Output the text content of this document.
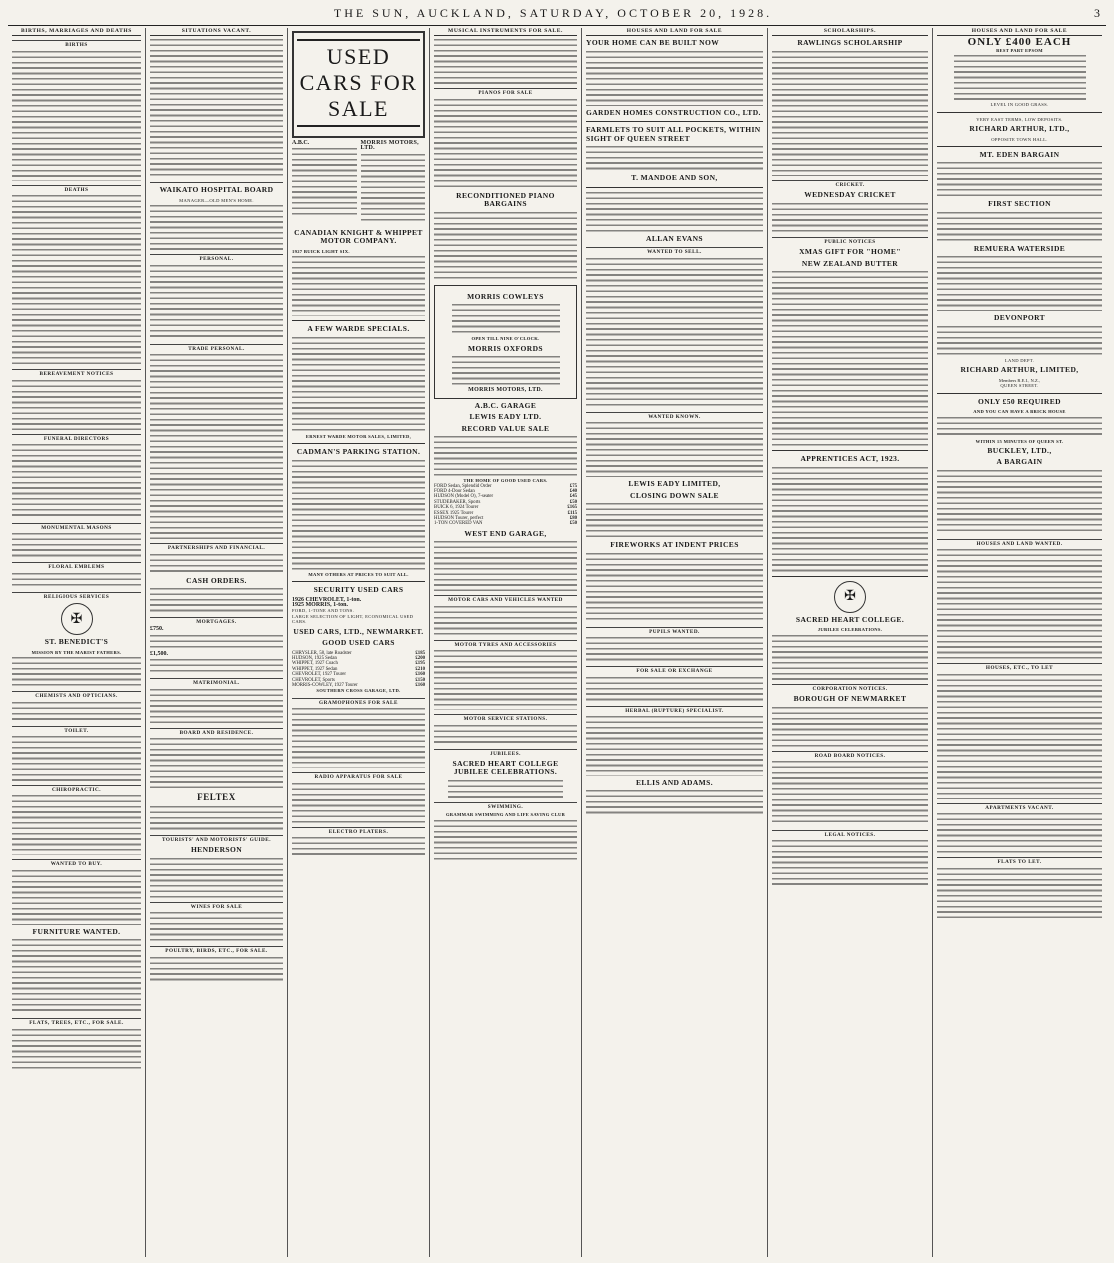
THE SUN, AUCKLAND, SATURDAY, OCTOBER 20, 1928.	3
BIRTHS, MARRIAGES AND DEATHS
BIRTHS
DEATHS
BEREAVEMENT NOTICES
FUNERAL DIRECTORS
MONUMENTAL MASONS
FLORAL EMBLEMS
RELIGIOUS SERVICES
✠
ST. BENEDICT'S
MISSION BY THE MARIST FATHERS.
CHEMISTS AND OPTICIANS.
TOILET.
CHIROPRACTIC.
WANTED TO BUY.
FURNITURE WANTED.
FLATS, TREES, ETC., FOR SALE.
SITUATIONS VACANT.
WAIKATO HOSPITAL BOARD
MANAGER—OLD MEN'S HOME.
PERSONAL.
TRADE PERSONAL.
PARTNERSHIPS AND FINANCIAL.
CASH ORDERS.
MORTGAGES.
£750.
£1,500.
MATRIMONIAL.
BOARD AND RESIDENCE.
FELTEX
TOURISTS' AND MOTORISTS' GUIDE.
HENDERSON
WINES FOR SALE
POULTRY, BIRDS, ETC., FOR SALE.
USED CARS FOR SALE
A.B.C.	MORRIS MOTORS, LTD.
CANADIAN KNIGHT & WHIPPET MOTOR COMPANY.
1927 BUICK LIGHT SIX.
A FEW WARDE SPECIALS.
ERNEST WARDE MOTOR SALES, LIMITED,
CADMAN'S PARKING STATION.
MANY OTHERS AT PRICES TO SUIT ALL.
SECURITY USED CARS
1926 CHEVROLET, 1-ton.
1925 MORRIS, 1-ton.
FORD, 1-TONE AND TONS.
LARGE SELECTION OF LIGHT, ECONOMICAL USED CARS.
USED CARS, LTD., NEWMARKET.
GOOD USED CARS
CHRYSLER, 58, late Roadster	£185
HUDSON, 1925 Sedan	£200
WHIPPET, 1927 Coach	£195
WHIPPET, 1927 Sedan	£210
CHEVROLET, 1927 Tourer	£160
CHEVROLET, Sports	£150
MORRIS-COWLEY, 1927 Tourer	£160
SOUTHERN CROSS GARAGE, LTD.
GRAMOPHONES FOR SALE
RADIO APPARATUS FOR SALE
ELECTRO PLATERS.
MUSICAL INSTRUMENTS FOR SALE.
PIANOS FOR SALE
RECONDITIONED PIANO BARGAINS
MORRIS COWLEYS
OPEN TILL NINE O'CLOCK.
MORRIS OXFORDS
MORRIS MOTORS, LTD.
A.B.C. GARAGE
LEWIS EADY LTD.
RECORD VALUE SALE
THE HOME OF GOOD USED CARS.
FORD Sedan, Splendid Order	£75
FORD 4-Door Sedan	£40
HUDSON (Model O), 7-seater	£45
STUDEBAKER, Sports	£50
BUICK 6, 1924 Tourer	£165
ESSEX 1925 Tourer	£115
HUDSON Tourer, perfect	£80
1-TON COVERED VAN	£50
WEST END GARAGE,
MOTOR CARS AND VEHICLES WANTED
MOTOR TYRES AND ACCESSORIES
MOTOR SERVICE STATIONS.
JUBILEES.
SACRED HEART COLLEGE JUBILEE CELEBRATIONS.
SWIMMING.
GRAMMAR SWIMMING AND LIFE SAVING CLUB
HOUSES AND LAND FOR SALE
YOUR HOME CAN BE BUILT NOW
GARDEN HOMES CONSTRUCTION CO., LTD.
FARMLETS TO SUIT ALL POCKETS, WITHIN SIGHT OF QUEEN STREET
T. MANDOE AND SON,
ALLAN EVANS
WANTED TO SELL.
WANTED KNOWN.
LEWIS EADY LIMITED,
CLOSING DOWN SALE
FIREWORKS AT INDENT PRICES
PUPILS WANTED.
FOR SALE OR EXCHANGE
HERBAL (RUPTURE) SPECIALIST.
ELLIS AND ADAMS.
SCHOLARSHIPS.
RAWLINGS SCHOLARSHIP
CRICKET.
WEDNESDAY CRICKET
PUBLIC NOTICES
XMAS GIFT FOR "HOME"
NEW ZEALAND BUTTER
APPRENTICES ACT, 1923.
✠
SACRED HEART COLLEGE.
JUBILEE CELEBRATIONS.
CORPORATION NOTICES.
BOROUGH OF NEWMARKET
ROAD BOARD NOTICES.
LEGAL NOTICES.
HOUSES AND LAND FOR SALE
ONLY £400 EACH
BEST PART EPSOM
LEVEL IN GOOD GRASS.
VERY EAST TERMS, LOW DEPOSITS.
RICHARD ARTHUR, LTD.,
OPPOSITE TOWN HALL.
MT. EDEN BARGAIN
FIRST SECTION
REMUERA WATERSIDE
DEVONPORT
LAND DEPT.
RICHARD ARTHUR, LIMITED,
Members R.E.I., N.Z.,
QUEEN STREET.
ONLY £50 REQUIRED
AND YOU CAN HAVE A BRICK HOUSE
WITHIN 15 MINUTES OF QUEEN ST.
BUCKLEY, LTD.,
A BARGAIN
HOUSES AND LAND WANTED.
HOUSES, ETC., TO LET
APARTMENTS VACANT.
FLATS TO LET.
